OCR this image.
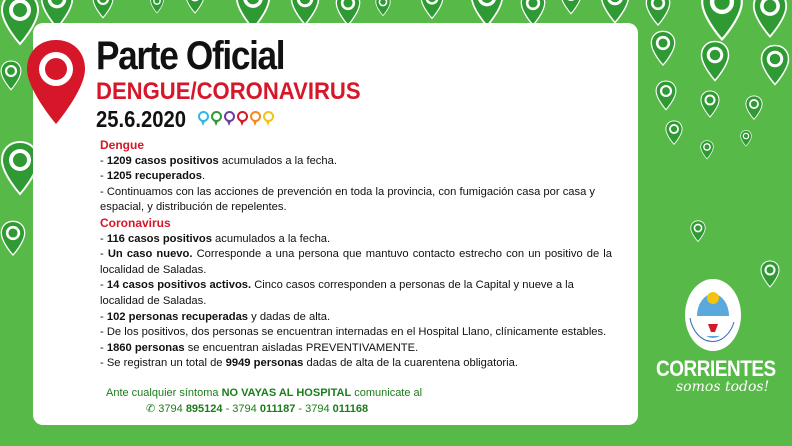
Parte Oficial
DENGUE/CORONAVIRUS
25.6.2020

Dengue

- 1209 casos positivos acumulados a la fecha.

- 1205 recuperados.

- Continuamos con las acciones de prevención en toda la provincia, con fumigación casa por casa y espacial, y distribución de repelentes.

Coronavirus

- 116 casos positivos acumulados a la fecha.

- Un caso nuevo. Corresponde a una persona que mantuvo contacto estrecho con un positivo de la localidad de Saladas.

- 14 casos positivos activos. Cinco casos corresponden a personas de la Capital y nueve a la localidad de Saladas.

- 102 personas recuperadas y dadas de alta.

- De los positivos, dos personas se encuentran internadas en el Hospital Llano, clínicamente estables.

- 1860 personas se encuentran aisladas PREVENTIVAMENTE.

- Se registran un total de 9949 personas dadas de alta de la cuarentena obligatoria.

Ante cualquier síntoma NO VAYAS AL HOSPITAL comunicate al
✆ 3794 895124 - 3794 011187 - 3794 011168
CORRIENTES
somos todos!
